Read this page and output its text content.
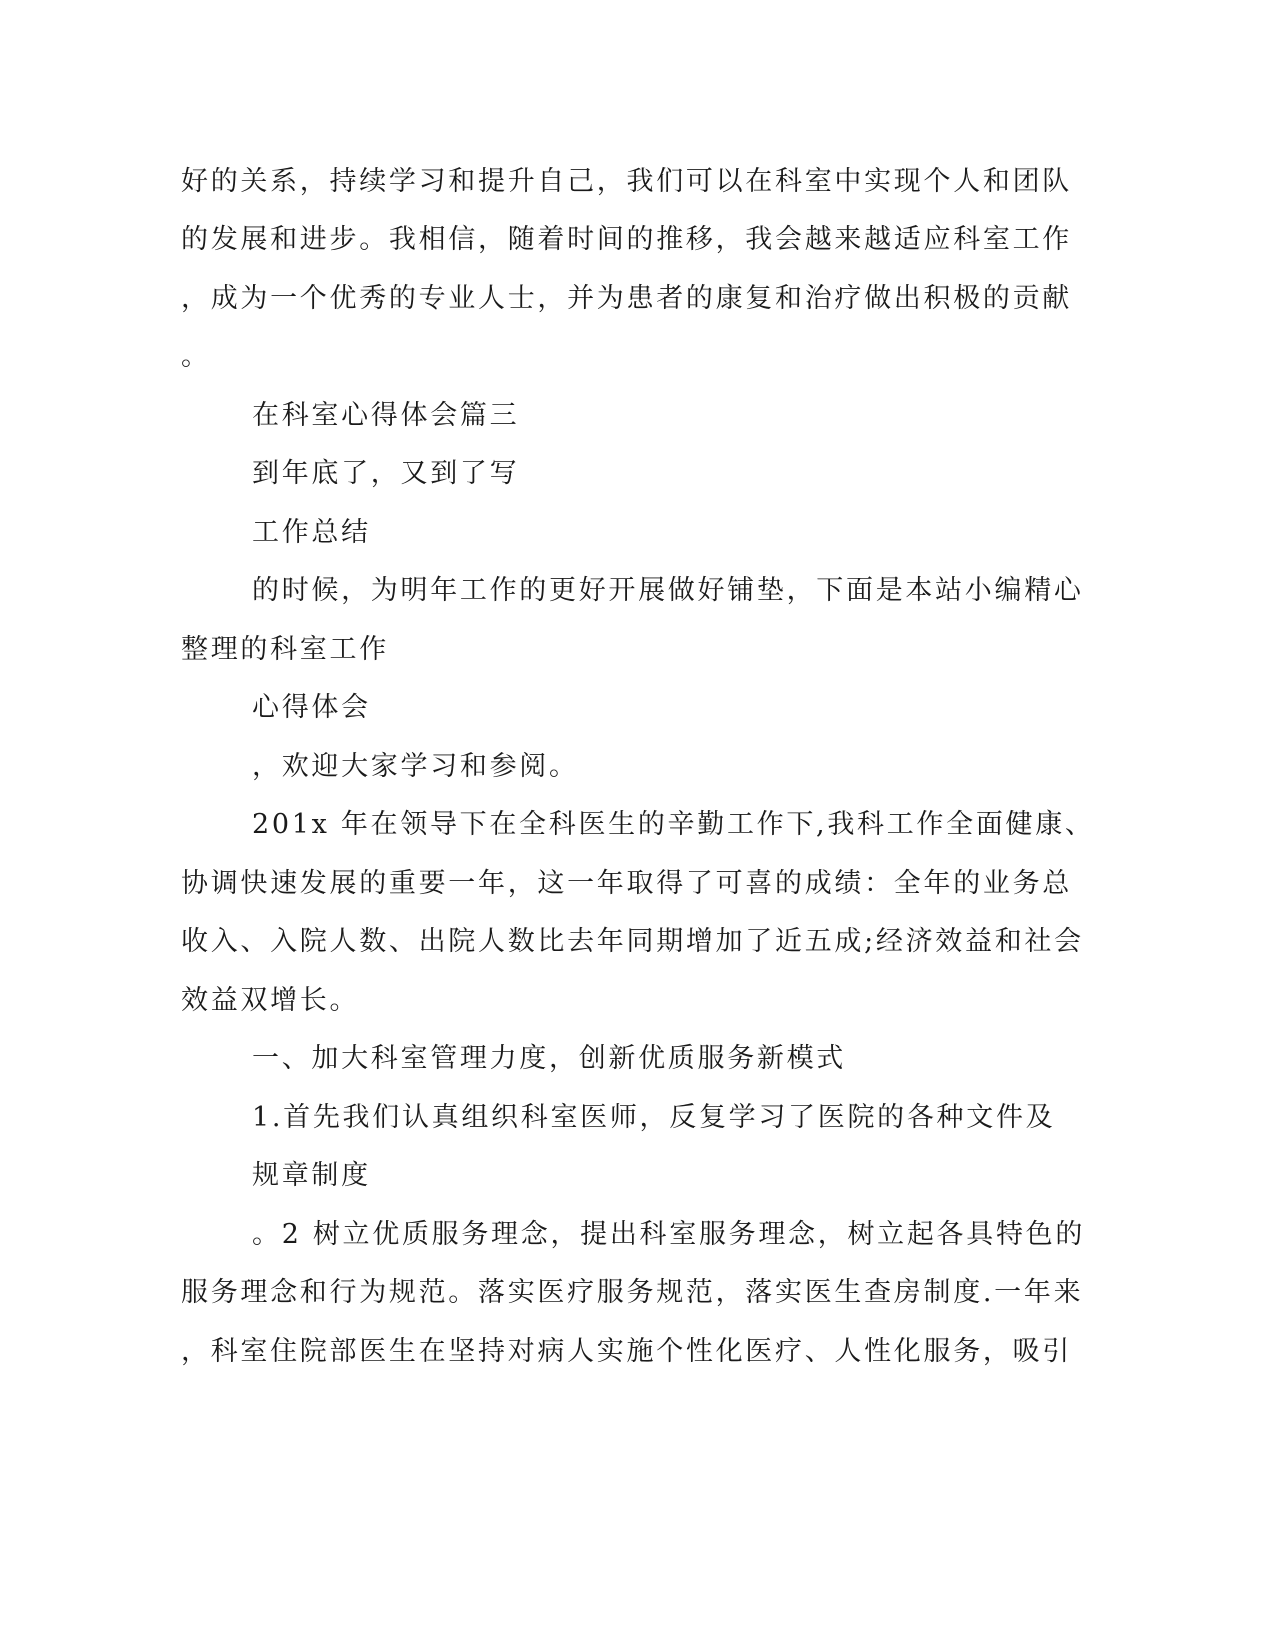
好的关系，持续学习和提升自己，我们可以在科室中实现个人和团队
的发展和进步。我相信，随着时间的推移，我会越来越适应科室工作
，成为一个优秀的专业人士，并为患者的康复和治疗做出积极的贡献
。
在科室心得体会篇三
到年底了，又到了写
工作总结
的时候，为明年工作的更好开展做好铺垫，下面是本站小编精心
整理的科室工作
心得体会
，欢迎大家学习和参阅。
201x 年在领导下在全科医生的辛勤工作下,我科工作全面健康、
协调快速发展的重要一年，这一年取得了可喜的成绩：全年的业务总
收入、入院人数、出院人数比去年同期增加了近五成;经济效益和社会
效益双增长。
一、加大科室管理力度，创新优质服务新模式
1.首先我们认真组织科室医师，反复学习了医院的各种文件及
规章制度
。2 树立优质服务理念，提出科室服务理念，树立起各具特色的
服务理念和行为规范。落实医疗服务规范，落实医生查房制度.一年来
，科室住院部医生在坚持对病人实施个性化医疗、人性化服务，吸引
